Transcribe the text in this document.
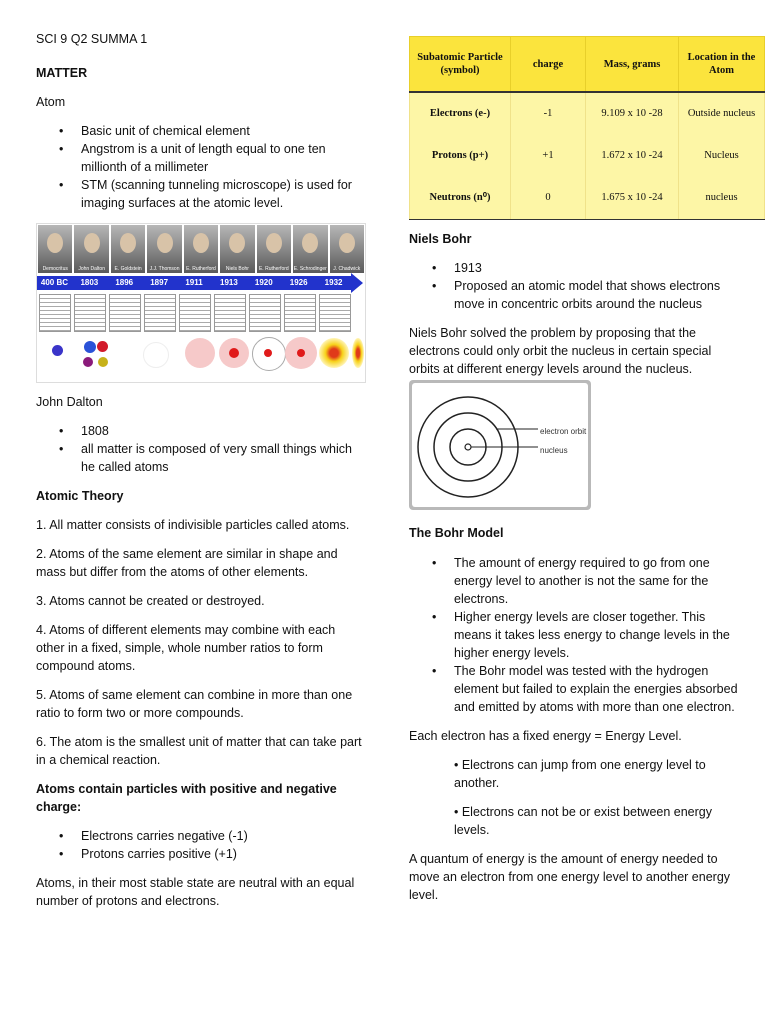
SCI 9 Q2 SUMMA 1

MATTER

Atom

• Basic unit of chemical element
• Angstrom is a unit of length equal to one ten millionth of a millimeter
• STM (scanning tunneling microscope) is used for imaging surfaces at the atomic level.
Democritus	John Dalton	E. Goldstein	J.J. Thomson	E. Rutherford	Niels Bohr	E. Rutherford	E. Schrodinger	J. Chadwick
400 BC	1803	1896	1897	1911	1913	1920	1926	1932

John Dalton

• 1808
• all matter is composed of very small things which he called atoms

Atomic Theory

1. All matter consists of indivisible particles called atoms.

2. Atoms of the same element are similar in shape and mass but differ from the atoms of other elements.

3. Atoms cannot be created or destroyed.

4. Atoms of different elements may combine with each other in a fixed, simple, whole number ratios to form compound atoms.

5. Atoms of same element can combine in more than one ratio to form two or more compounds.

6. The atom is the smallest unit of matter that can take part in a chemical reaction.

Atoms contain particles with positive and negative charge:

• Electrons carries negative (-1)
• Protons carries positive (+1)

Atoms, in their most stable state are neutral with an equal number of protons and electrons.

Subatomic Particle (symbol)	charge	Mass, grams	Location in the Atom
Electrons (e-)	-1	9.109 x 10 -28	Outside nucleus
Protons (p+)	+1	1.672 x 10 -24	Nucleus
Neutrons (n⁰)	0	1.675 x 10 -24	nucleus

Niels Bohr

• 1913
• Proposed an atomic model that shows electrons move in concentric orbits around the nucleus

Niels Bohr solved the problem by proposing that the electrons could only orbit the nucleus in certain special orbits at different energy levels around the nucleus.

electron orbit
nucleus

The Bohr Model

• The amount of energy required to go from one energy level to another is not the same for the electrons.
• Higher energy levels are closer together. This means it takes less energy to change levels in the higher energy levels.
• The Bohr model was tested with the hydrogen element but failed to explain the energies absorbed and emitted by atoms with more than one electron.

Each electron has a fixed energy = Energy Level.

• Electrons can jump from one energy level to another.
• Electrons can not be or exist between energy levels.

A quantum of energy is the amount of energy needed to move an electron from one energy level to another energy level.
